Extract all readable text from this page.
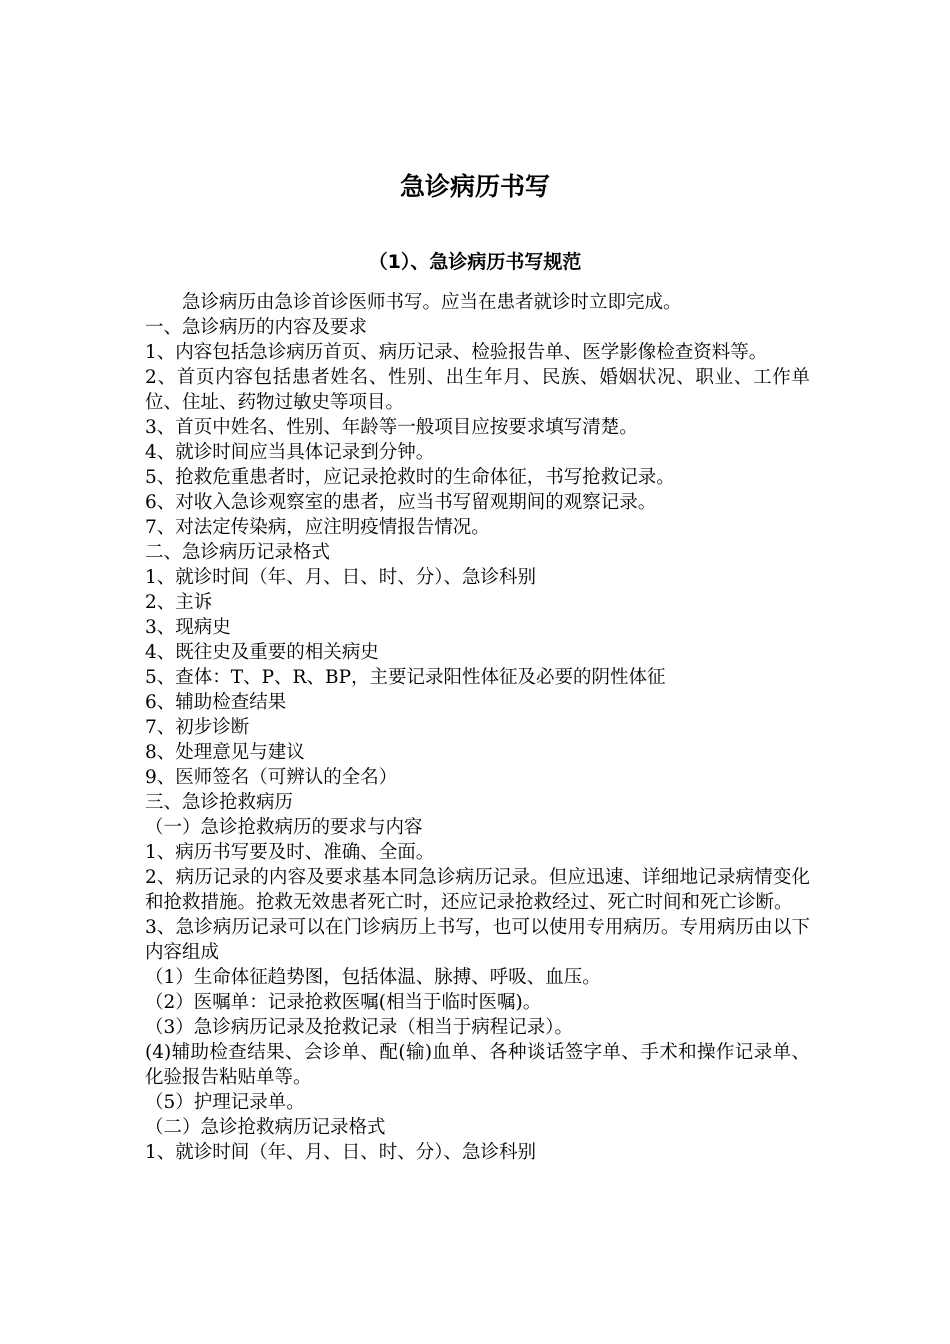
急诊病历书写
（1）、急诊病历书写规范

急诊病历由急诊首诊医师书写。应当在患者就诊时立即完成。

一、急诊病历的内容及要求

1、内容包括急诊病历首页、病历记录、检验报告单、医学影像检查资料等。

2、首页内容包括患者姓名、性别、出生年月、民族、婚姻状况、职业、工作单位、住址、药物过敏史等项目。

3、首页中姓名、性别、年龄等一般项目应按要求填写清楚。

4、就诊时间应当具体记录到分钟。

5、抢救危重患者时，应记录抢救时的生命体征，书写抢救记录。

6、对收入急诊观察室的患者，应当书写留观期间的观察记录。

7、对法定传染病，应注明疫情报告情况。

二、急诊病历记录格式

1、就诊时间（年、月、日、时、分）、急诊科别

2、主诉

3、现病史

4、既往史及重要的相关病史

5、查体：T、P、R、BP，主要记录阳性体征及必要的阴性体征

6、辅助检查结果

7、初步诊断

8、处理意见与建议

9、医师签名（可辨认的全名）

三、急诊抢救病历

（一）急诊抢救病历的要求与内容

1、病历书写要及时、准确、全面。

2、病历记录的内容及要求基本同急诊病历记录。但应迅速、详细地记录病情变化和抢救措施。抢救无效患者死亡时，还应记录抢救经过、死亡时间和死亡诊断。

3、急诊病历记录可以在门诊病历上书写，也可以使用专用病历。专用病历由以下内容组成

（1）生命体征趋势图，包括体温、脉搏、呼吸、血压。

（2）医嘱单：记录抢救医嘱(相当于临时医嘱)。

（3）急诊病历记录及抢救记录（相当于病程记录）。

(4)辅助检查结果、会诊单、配(输)血单、各种谈话签字单、手术和操作记录单、化验报告粘贴单等。

（5）护理记录单。

（二）急诊抢救病历记录格式

1、就诊时间（年、月、日、时、分）、急诊科别
